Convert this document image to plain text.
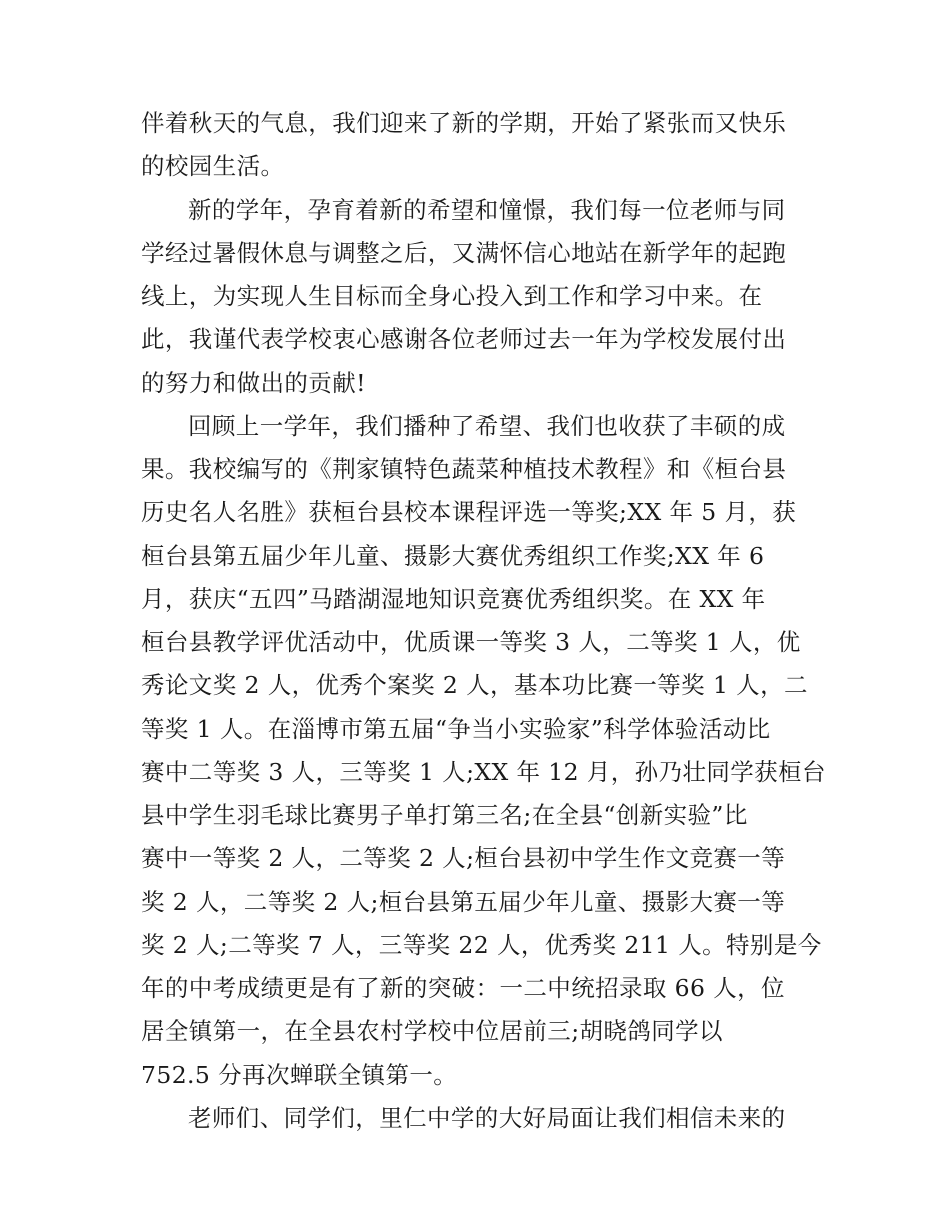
伴着秋天的气息，我们迎来了新的学期，开始了紧张而又快乐
的校园生活。
新的学年，孕育着新的希望和憧憬，我们每一位老师与同
学经过暑假休息与调整之后，又满怀信心地站在新学年的起跑
线上，为实现人生目标而全身心投入到工作和学习中来。在
此，我谨代表学校衷心感谢各位老师过去一年为学校发展付出
的努力和做出的贡献!
回顾上一学年，我们播种了希望、我们也收获了丰硕的成
果。我校编写的《荆家镇特色蔬菜种植技术教程》和《桓台县
历史名人名胜》获桓台县校本课程评选一等奖;XX 年 5 月，获
桓台县第五届少年儿童、摄影大赛优秀组织工作奖;XX 年 6
月，获庆“五四”马踏湖湿地知识竞赛优秀组织奖。在 XX 年
桓台县教学评优活动中，优质课一等奖 3 人，二等奖 1 人，优
秀论文奖 2 人，优秀个案奖 2 人，基本功比赛一等奖 1 人，二
等奖 1 人。在淄博市第五届“争当小实验家”科学体验活动比
赛中二等奖 3 人，三等奖 1 人;XX 年 12 月，孙乃壮同学获桓台
县中学生羽毛球比赛男子单打第三名;在全县“创新实验”比
赛中一等奖 2 人，二等奖 2 人;桓台县初中学生作文竞赛一等
奖 2 人，二等奖 2 人;桓台县第五届少年儿童、摄影大赛一等
奖 2 人;二等奖 7 人，三等奖 22 人，优秀奖 211 人。特别是今
年的中考成绩更是有了新的突破：一二中统招录取 66 人，位
居全镇第一，在全县农村学校中位居前三;胡晓鸽同学以
752.5 分再次蝉联全镇第一。
老师们、同学们，里仁中学的大好局面让我们相信未来的
